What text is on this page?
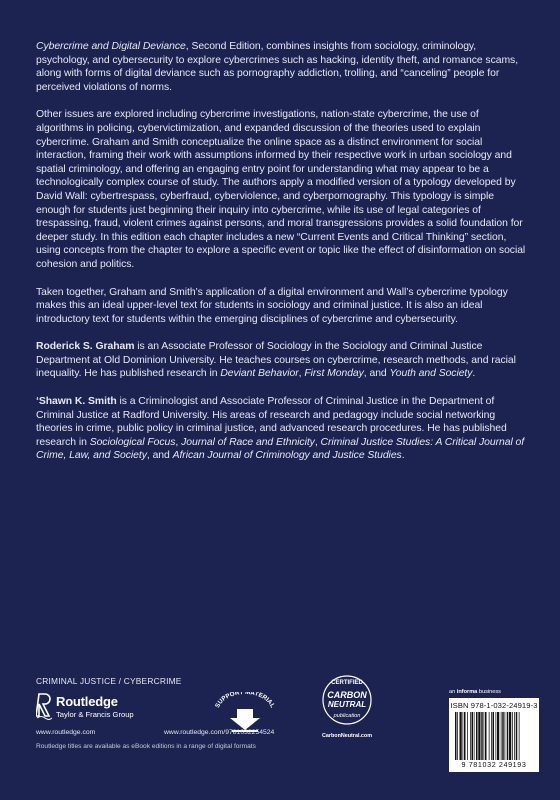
Cybercrime and Digital Deviance, Second Edition, combines insights from sociology, criminology, psychology, and cybersecurity to explore cybercrimes such as hacking, identity theft, and romance scams, along with forms of digital deviance such as pornography addiction, trolling, and “canceling” people for perceived violations of norms.

Other issues are explored including cybercrime investigations, nation-state cybercrime, the use of algorithms in policing, cybervictimization, and expanded discussion of the theories used to explain cybercrime. Graham and Smith conceptualize the online space as a distinct environment for social interaction, framing their work with assumptions informed by their respective work in urban sociology and spatial criminology, and offering an engaging entry point for understanding what may appear to be a technologically complex course of study. The authors apply a modified version of a typology developed by David Wall: cybertrespass, cyberfraud, cyberviolence, and cyberpornography. This typology is simple enough for students just beginning their inquiry into cybercrime, while its use of legal categories of trespassing, fraud, violent crimes against persons, and moral transgressions provides a solid foundation for deeper study. In this edition each chapter includes a new “Current Events and Critical Thinking” section, using concepts from the chapter to explore a specific event or topic like the effect of disinformation on social cohesion and politics.

Taken together, Graham and Smith’s application of a digital environment and Wall’s cybercrime typology makes this an ideal upper-level text for students in sociology and criminal justice. It is also an ideal introductory text for students within the emerging disciplines of cybercrime and cybersecurity.

Roderick S. Graham is an Associate Professor of Sociology in the Sociology and Criminal Justice Department at Old Dominion University. He teaches courses on cybercrime, research methods, and racial inequality. He has published research in Deviant Behavior, First Monday, and Youth and Society.

‘Shawn K. Smith is a Criminologist and Associate Professor of Criminal Justice in the Department of Criminal Justice at Radford University. His areas of research and pedagogy include social networking theories in crime, public policy in criminal justice, and advanced research procedures. He has published research in Sociological Focus, Journal of Race and Ethnicity, Criminal Justice Studies: A Critical Journal of Crime, Law, and Society, and African Journal of Criminology and Justice Studies.

CRIMINAL JUSTICE / CYBERCRIME
Routledge
Taylor & Francis Group
www.routledge.com
SUPPORT MATERIAL
www.routledge.com/9781032254524
CERTIFIED
CARBON
NEUTRAL
publication
CarbonNeutral.com
Routledge titles are available as eBook editions in a range of digital formats
an informa business
ISBN 978-1-032-24919-3
9 781032 249193
